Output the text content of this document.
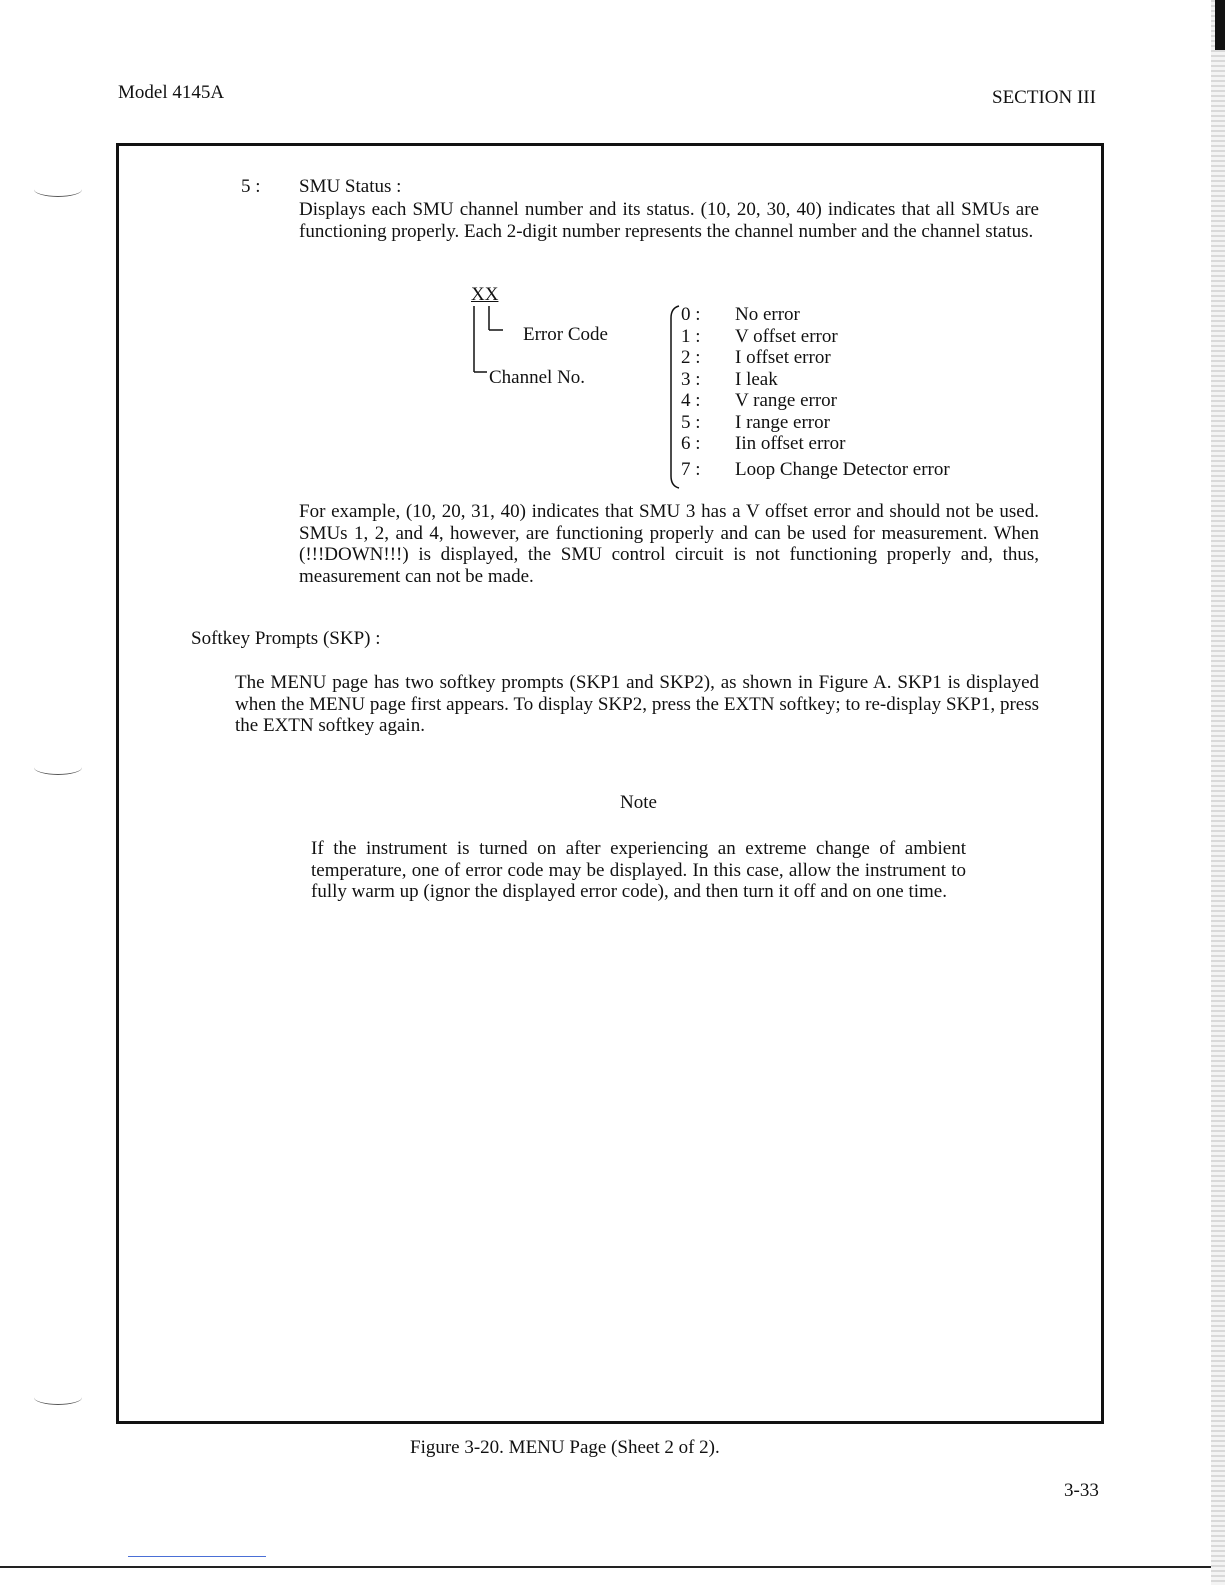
Model 4145A	SECTION III
5 : SMU Status :

Displays each SMU channel number and its status. (10, 20, 30, 40) indicates that all SMUs are functioning properly. Each 2-digit number represents the channel number and the channel status.

XX
Error Code
Channel No.
0 : No error
1 : V offset error
2 : I offset error
3 : I leak
4 : V range error
5 : I range error
6 : Iin offset error
7 : Loop Change Detector error

For example, (10, 20, 31, 40) indicates that SMU 3 has a V offset error and should not be used. SMUs 1, 2, and 4, however, are functioning properly and can be used for measurement. When (!!!DOWN!!!) is displayed, the SMU control circuit is not functioning properly and, thus, measurement can not be made.

Softkey Prompts (SKP) :

The MENU page has two softkey prompts (SKP1 and SKP2), as shown in Figure A. SKP1 is displayed when the MENU page first appears. To display SKP2, press the EXTN softkey; to re-display SKP1, press the EXTN softkey again.

Note

If the instrument is turned on after experiencing an extreme change of ambient temperature, one of error code may be displayed. In this case, allow the instrument to fully warm up (ignor the displayed error code), and then turn it off and on one time.

Figure 3-20. MENU Page (Sheet 2 of 2).
3-33
